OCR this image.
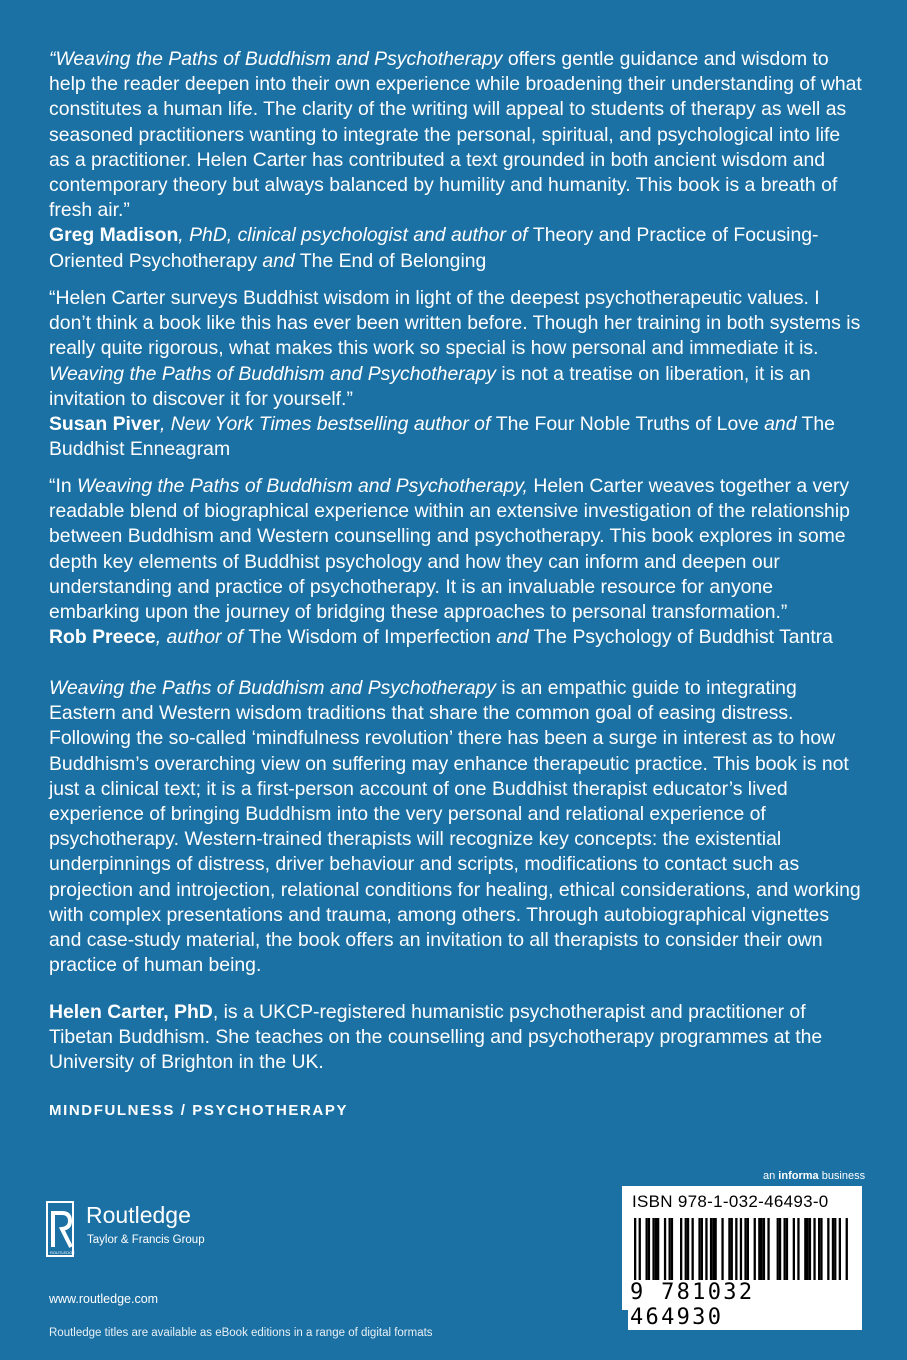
“Weaving the Paths of Buddhism and Psychotherapy offers gentle guidance and wisdom to help the reader deepen into their own experience while broadening their understanding of what constitutes a human life. The clarity of the writing will appeal to students of therapy as well as seasoned practitioners wanting to integrate the personal, spiritual, and psychological into life as a practitioner. Helen Carter has contributed a text grounded in both ancient wisdom and contemporary theory but always balanced by humility and humanity. This book is a breath of fresh air.”

Greg Madison, PhD, clinical psychologist and author of Theory and Practice of Focusing-Oriented Psychotherapy and The End of Belonging

“Helen Carter surveys Buddhist wisdom in light of the deepest psychotherapeutic values. I don’t think a book like this has ever been written before. Though her training in both systems is really quite rigorous, what makes this work so special is how personal and immediate it is. Weaving the Paths of Buddhism and Psychotherapy is not a treatise on liberation, it is an invitation to discover it for yourself.”

Susan Piver, New York Times bestselling author of The Four Noble Truths of Love and The Buddhist Enneagram

“In Weaving the Paths of Buddhism and Psychotherapy, Helen Carter weaves together a very readable blend of biographical experience within an extensive investigation of the relationship between Buddhism and Western counselling and psychotherapy. This book explores in some depth key elements of Buddhist psychology and how they can inform and deepen our understanding and practice of psychotherapy. It is an invaluable resource for anyone embarking upon the journey of bridging these approaches to personal transformation.”

Rob Preece, author of The Wisdom of Imperfection and The Psychology of Buddhist Tantra

Weaving the Paths of Buddhism and Psychotherapy is an empathic guide to integrating Eastern and Western wisdom traditions that share the common goal of easing distress. Following the so-called ‘mindfulness revolution’ there has been a surge in interest as to how Buddhism’s overarching view on suffering may enhance therapeutic practice. This book is not just a clinical text; it is a first-person account of one Buddhist therapist educator’s lived experience of bringing Buddhism into the very personal and relational experience of psychotherapy. Western-trained therapists will recognize key concepts: the existential underpinnings of distress, driver behaviour and scripts, modifications to contact such as projection and introjection, relational conditions for healing, ethical considerations, and working with complex presentations and trauma, among others. Through autobiographical vignettes and case-study material, the book offers an invitation to all therapists to consider their own practice of human being.

Helen Carter, PhD, is a UKCP-registered humanistic psychotherapist and practitioner of Tibetan Buddhism. She teaches on the counselling and psychotherapy programmes at the University of Brighton in the UK.

MINDFULNESS / PSYCHOTHERAPY
an informa business
ISBN 978-1-032-46493-0
9 781032 464930
ROUTLEDGE
Routledge
Taylor & Francis Group
www.routledge.com
Routledge titles are available as eBook editions in a range of digital formats
